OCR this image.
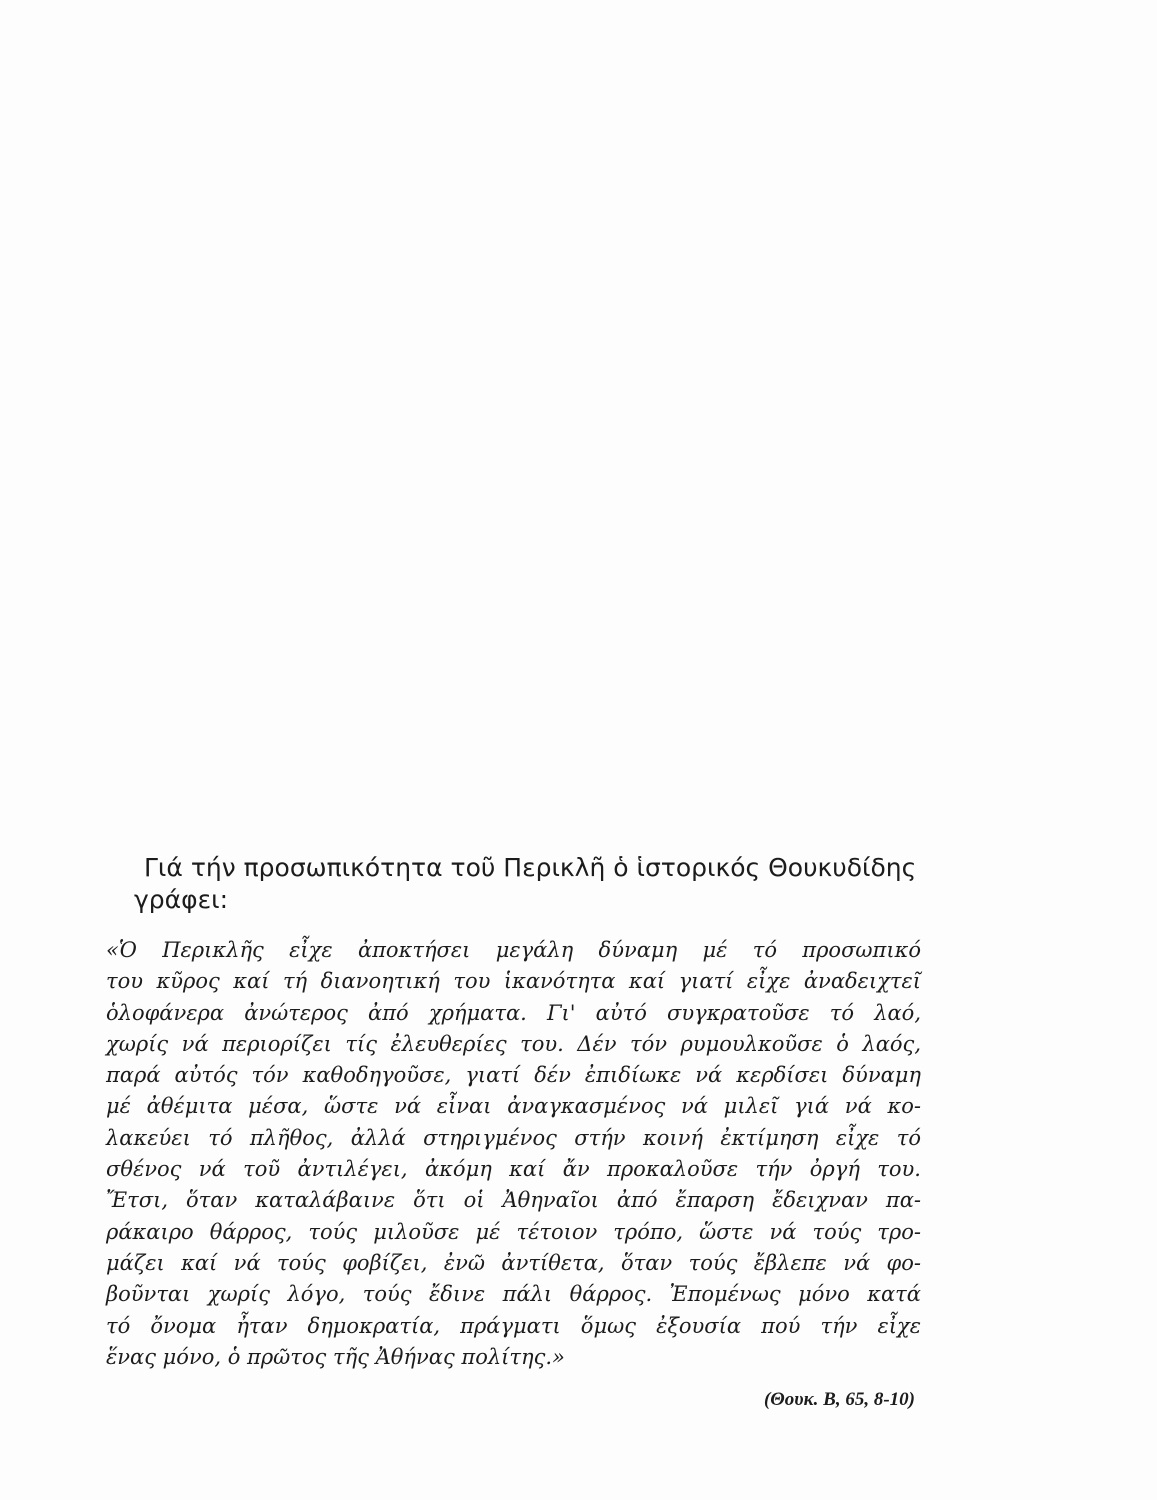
Γιά τήν προσωπικότητα τοῦ Περικλῆ ὁ ἱστορικός Θουκυδίδης γράφει:
«Ὁ Περικλῆς εἶχε ἀποκτήσει μεγάλη δύναμη μέ τό προσωπικό
του κῦρος καί τή διανοητική του ἱκανότητα καί γιατί εἶχε ἀναδειχτεῖ
ὁλοφάνερα ἀνώτερος ἀπό χρήματα. Γι' αὐτό συγκρατοῦσε τό λαό,
χωρίς νά περιορίζει τίς ἐλευθερίες του. Δέν τόν ρυμουλκοῦσε ὁ λαός,
παρά αὐτός τόν καθοδηγοῦσε, γιατί δέν ἐπιδίωκε νά κερδίσει δύναμη
μέ ἀθέμιτα μέσα, ὥστε νά εἶναι ἀναγκασμένος νά μιλεῖ γιά νά κο-
λακεύει τό πλῆθος, ἀλλά στηριγμένος στήν κοινή ἐκτίμηση εἶχε τό
σθένος νά τοῦ ἀντιλέγει, ἀκόμη καί ἄν προκαλοῦσε τήν ὀργή του.
Ἔτσι, ὅταν καταλάβαινε ὅτι οἱ Ἀθηναῖοι ἀπό ἔπαρση ἔδειχναν πα-
ράκαιρο θάρρος, τούς μιλοῦσε μέ τέτοιον τρόπο, ὥστε νά τούς τρο-
μάζει καί νά τούς φοβίζει, ἐνῶ ἀντίθετα, ὅταν τούς ἔβλεπε νά φο-
βοῦνται χωρίς λόγο, τούς ἔδινε πάλι θάρρος. Ἐπομένως μόνο κατά
τό ὄνομα ἦταν δημοκρατία, πράγματι ὅμως ἐξουσία πού τήν εἶχε
ἕνας μόνο, ὁ πρῶτος τῆς Ἀθήνας πολίτης.»
(Θουκ. Β, 65, 8-10)
